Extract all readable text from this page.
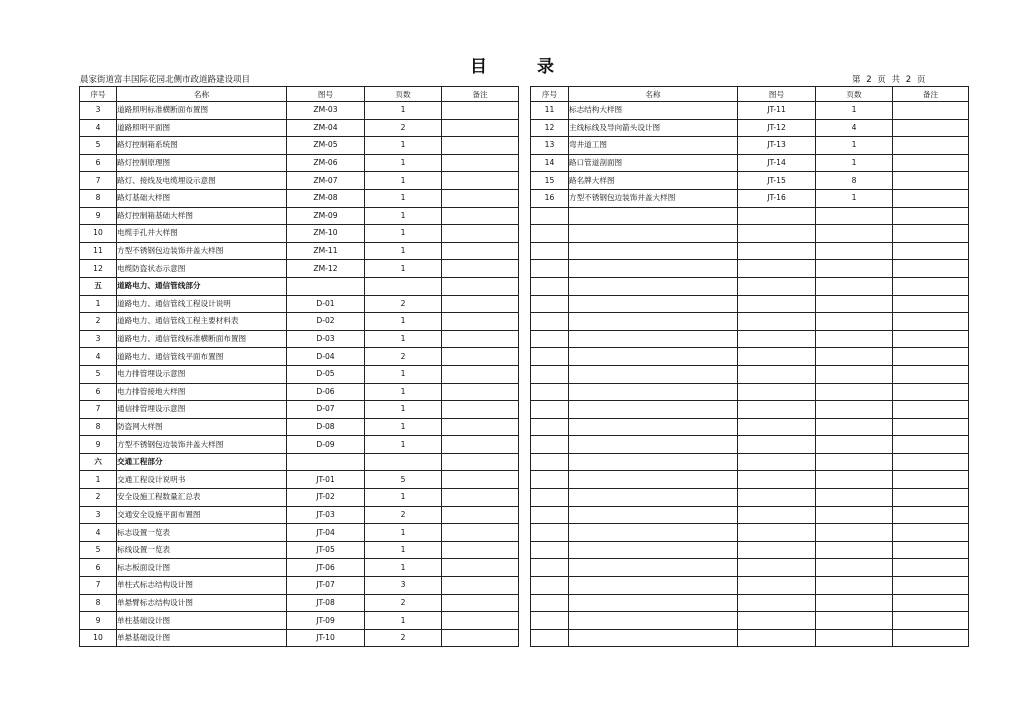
目 录
晨家街道富丰国际花园北侧市政道路建设项目	第 2 页 共 2 页
序号	名称	图号	页数	备注
3	道路照明标准横断面布置图	ZM-03	1	
4	道路照明平面图	ZM-04	2	
5	路灯控制箱系统图	ZM-05	1	
6	路灯控制原理图	ZM-06	1	
7	路灯、接线及电缆埋设示意图	ZM-07	1	
8	路灯基础大样图	ZM-08	1	
9	路灯控制箱基础大样图	ZM-09	1	
10	电缆手孔井大样图	ZM-10	1	
11	方型不锈钢包边装饰井盖大样图	ZM-11	1	
12	电缆防盗状态示意图	ZM-12	1	
五	道路电力、通信管线部分			
1	道路电力、通信管线工程设计说明	D-01	2	
2	道路电力、通信管线工程主要材料表	D-02	1	
3	道路电力、通信管线标准横断面布置图	D-03	1	
4	道路电力、通信管线平面布置图	D-04	2	
5	电力排管埋设示意图	D-05	1	
6	电力排管接地大样图	D-06	1	
7	通信排管埋设示意图	D-07	1	
8	防盗网大样图	D-08	1	
9	方型不锈钢包边装饰井盖大样图	D-09	1	
六	交通工程部分			
1	交通工程设计说明书	JT-01	5	
2	安全设施工程数量汇总表	JT-02	1	
3	交通安全设施平面布置图	JT-03	2	
4	标志设置一览表	JT-04	1	
5	标线设置一览表	JT-05	1	
6	标志板面设计图	JT-06	1	
7	单柱式标志结构设计图	JT-07	3	
8	单悬臂标志结构设计图	JT-08	2	
9	单柱基础设计图	JT-09	1	
10	单悬基础设计图	JT-10	2	
序号	名称	图号	页数	备注
11	标志结构大样图	JT-11	1	
12	主线标线及导向箭头设计图	JT-12	4	
13	弯井道工图	JT-13	1	
14	路口管道剖面图	JT-14	1	
15	路名牌大样图	JT-15	8	
16	方型不锈钢包边装饰井盖大样图	JT-16	1	
